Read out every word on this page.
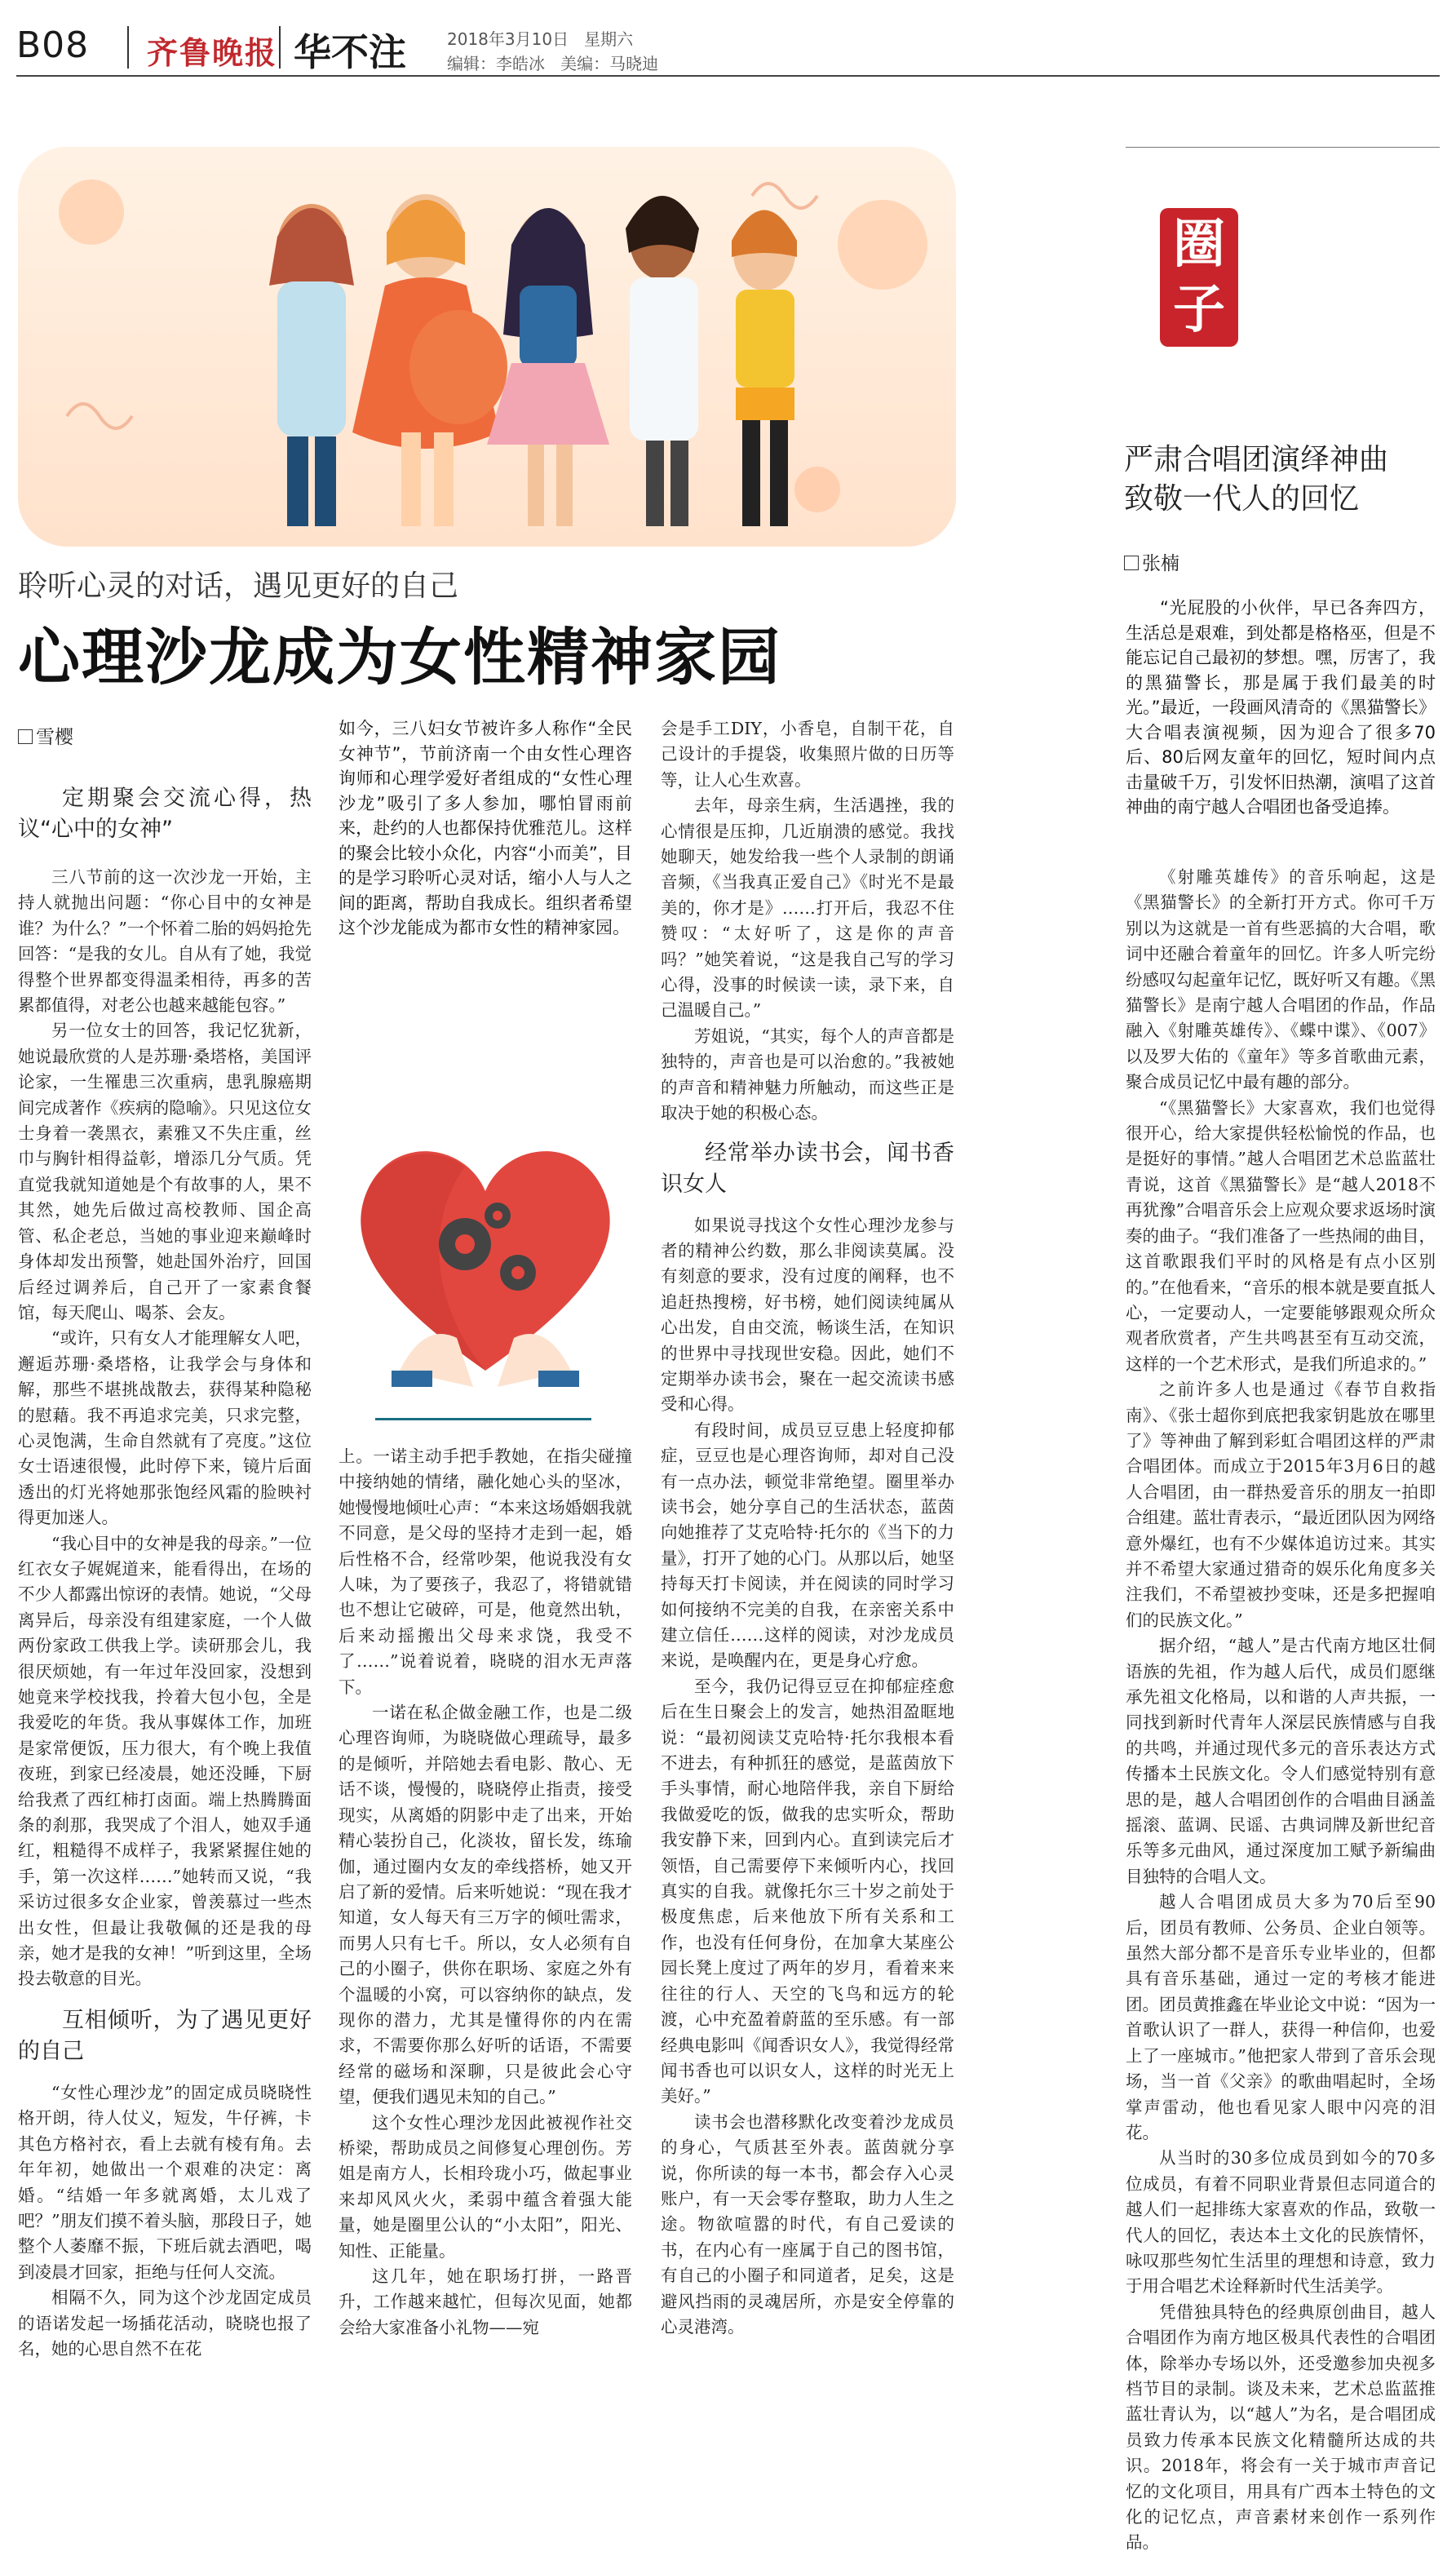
B08 齐鲁晚报 华不注	2018年3月10日 星期六
编辑：李皓冰 美编：马晓迪
聆听心灵的对话，遇见更好的自己
心理沙龙成为女性精神家园
雪樱

定期聚会交流心得，热议“心中的女神”

三八节前的这一次沙龙一开始，主持人就抛出问题：“你心目中的女神是谁？为什么？”一个怀着二胎的妈妈抢先回答：“是我的女儿。自从有了她，我觉得整个世界都变得温柔相待，再多的苦累都值得，对老公也越来越能包容。”

另一位女士的回答，我记忆犹新，她说最欣赏的人是苏珊·桑塔格，美国评论家，一生罹患三次重病，患乳腺癌期间完成著作《疾病的隐喻》。只见这位女士身着一袭黑衣，素雅又不失庄重，丝巾与胸针相得益彰，增添几分气质。凭直觉我就知道她是个有故事的人，果不其然，她先后做过高校教师、国企高管、私企老总，当她的事业迎来巅峰时身体却发出预警，她赴国外治疗，回国后经过调养后，自己开了一家素食餐馆，每天爬山、喝茶、会友。

“或许，只有女人才能理解女人吧，邂逅苏珊·桑塔格，让我学会与身体和解，那些不堪挑战散去，获得某种隐秘的慰藉。我不再追求完美，只求完整，心灵饱满，生命自然就有了亮度。”这位女士语速很慢，此时停下来，镜片后面透出的灯光将她那张饱经风霜的脸映衬得更加迷人。

“我心目中的女神是我的母亲。”一位红衣女子娓娓道来，能看得出，在场的不少人都露出惊讶的表情。她说，“父母离异后，母亲没有组建家庭，一个人做两份家政工供我上学。读研那会儿，我很厌烦她，有一年过年没回家，没想到她竟来学校找我，拎着大包小包，全是我爱吃的年货。我从事媒体工作，加班是家常便饭，压力很大，有个晚上我值夜班，到家已经凌晨，她还没睡，下厨给我煮了西红柿打卤面。端上热腾腾面条的刹那，我哭成了个泪人，她双手通红，粗糙得不成样子，我紧紧握住她的手，第一次这样……”她转而又说，“我采访过很多女企业家，曾羡慕过一些杰出女性，但最让我敬佩的还是我的母亲，她才是我的女神！”听到这里，全场投去敬意的目光。

互相倾听，为了遇见更好的自己

“女性心理沙龙”的固定成员晓晓性格开朗，待人仗义，短发，牛仔裤，卡其色方格衬衣，看上去就有棱有角。去年年初，她做出一个艰难的决定：离婚。“结婚一年多就离婚，太儿戏了吧？”朋友们摸不着头脑，那段日子，她整个人萎靡不振，下班后就去酒吧，喝到凌晨才回家，拒绝与任何人交流。

相隔不久，同为这个沙龙固定成员的语诺发起一场插花活动，晓晓也报了名，她的心思自然不在花

如今，三八妇女节被许多人称作“全民女神节”，节前济南一个由女性心理咨询师和心理学爱好者组成的“女性心理沙龙”吸引了多人参加，哪怕冒雨前来，赴约的人也都保持优雅范儿。这样的聚会比较小众化，内容“小而美”，目的是学习聆听心灵对话，缩小人与人之间的距离，帮助自我成长。组织者希望这个沙龙能成为都市女性的精神家园。

上。一诺主动手把手教她，在指尖碰撞中接纳她的情绪，融化她心头的坚冰，她慢慢地倾吐心声：“本来这场婚姻我就不同意，是父母的坚持才走到一起，婚后性格不合，经常吵架，他说我没有女人味，为了要孩子，我忍了，将错就错也不想让它破碎，可是，他竟然出轨，后来动摇搬出父母来求饶，我受不了……”说着说着，晓晓的泪水无声落下。

一诺在私企做金融工作，也是二级心理咨询师，为晓晓做心理疏导，最多的是倾听，并陪她去看电影、散心、无话不谈，慢慢的，晓晓停止指责，接受现实，从离婚的阴影中走了出来，开始精心装扮自己，化淡妆，留长发，练瑜伽，通过圈内女友的牵线搭桥，她又开启了新的爱情。后来听她说：“现在我才知道，女人每天有三万字的倾吐需求，而男人只有七千。所以，女人必须有自己的小圈子，供你在职场、家庭之外有个温暖的小窝，可以容纳你的缺点，发现你的潜力，尤其是懂得你的内在需求，不需要你那么好听的话语，不需要经常的磁场和深聊，只是彼此会心守望，便我们遇见未知的自己。”

这个女性心理沙龙因此被视作社交桥梁，帮助成员之间修复心理创伤。芳姐是南方人，长相玲珑小巧，做起事业来却风风火火，柔弱中蕴含着强大能量，她是圈里公认的“小太阳”，阳光、知性、正能量。

这几年，她在职场打拼，一路晋升，工作越来越忙，但每次见面，她都会给大家准备小礼物——宛

会是手工DIY，小香皂，自制干花，自己设计的手提袋，收集照片做的日历等等，让人心生欢喜。

去年，母亲生病，生活遇挫，我的心情很是压抑，几近崩溃的感觉。我找她聊天，她发给我一些个人录制的朗诵音频，《当我真正爱自己》《时光不是最美的，你才是》……打开后，我忍不住赞叹：“太好听了，这是你的声音吗？”她笑着说，“这是我自己写的学习心得，没事的时候读一读，录下来，自己温暖自己。”

芳姐说，“其实，每个人的声音都是独特的，声音也是可以治愈的。”我被她的声音和精神魅力所触动，而这些正是取决于她的积极心态。

经常举办读书会，闻书香识女人

如果说寻找这个女性心理沙龙参与者的精神公约数，那么非阅读莫属。没有刻意的要求，没有过度的阐释，也不追赶热搜榜，好书榜，她们阅读纯属从心出发，自由交流，畅谈生活，在知识的世界中寻找现世安稳。因此，她们不定期举办读书会，聚在一起交流读书感受和心得。

有段时间，成员豆豆患上轻度抑郁症，豆豆也是心理咨询师，却对自己没有一点办法，顿觉非常绝望。圈里举办读书会，她分享自己的生活状态，蓝茵向她推荐了艾克哈特·托尔的《当下的力量》，打开了她的心门。从那以后，她坚持每天打卡阅读，并在阅读的同时学习如何接纳不完美的自我，在亲密关系中建立信任……这样的阅读，对沙龙成员来说，是唤醒内在，更是身心疗愈。

至今，我仍记得豆豆在抑郁症痊愈后在生日聚会上的发言，她热泪盈眶地说：“最初阅读艾克哈特·托尔我根本看不进去，有种抓狂的感觉，是蓝茵放下手头事情，耐心地陪伴我，亲自下厨给我做爱吃的饭，做我的忠实听众，帮助我安静下来，回到内心。直到读完后才领悟，自己需要停下来倾听内心，找回真实的自我。就像托尔三十岁之前处于极度焦虑，后来他放下所有关系和工作，也没有任何身份，在加拿大某座公园长凳上度过了两年的岁月，看着来来往往的行人、天空的飞鸟和远方的轮渡，心中充盈着蔚蓝的至乐感。有一部经典电影叫《闻香识女人》，我觉得经常闻书香也可以识女人，这样的时光无上美好。”

读书会也潜移默化改变着沙龙成员的身心，气质甚至外表。蓝茵就分享说，你所读的每一本书，都会存入心灵账户，有一天会零存整取，助力人生之途。物欲喧嚣的时代，有自己爱读的书，在内心有一座属于自己的图书馆，有自己的小圈子和同道者，足矣，这是避风挡雨的灵魂居所，亦是安全停靠的心灵港湾。

圈
子
严肃合唱团演绎神曲
致敬一代人的回忆
张楠

“光屁股的小伙伴，早已各奔四方，生活总是艰难，到处都是格格巫，但是不能忘记自己最初的梦想。嘿，厉害了，我的黑猫警长，那是属于我们最美的时光。”最近，一段画风清奇的《黑猫警长》大合唱表演视频，因为迎合了很多70后、80后网友童年的回忆，短时间内点击量破千万，引发怀旧热潮，演唱了这首神曲的南宁越人合唱团也备受追捧。

《射雕英雄传》的音乐响起，这是《黑猫警长》的全新打开方式。你可千万别以为这就是一首有些恶搞的大合唱，歌词中还融合着童年的回忆。许多人听完纷纷感叹勾起童年记忆，既好听又有趣。《黑猫警长》是南宁越人合唱团的作品，作品融入《射雕英雄传》、《蝶中谍》、《007》以及罗大佑的《童年》等多首歌曲元素，聚合成员记忆中最有趣的部分。

“《黑猫警长》大家喜欢，我们也觉得很开心，给大家提供轻松愉悦的作品，也是挺好的事情。”越人合唱团艺术总监蓝壮青说，这首《黑猫警长》是“越人2018不再犹豫”合唱音乐会上应观众要求返场时演奏的曲子。“我们准备了一些热闹的曲目，这首歌跟我们平时的风格是有点小区别的。”在他看来，“音乐的根本就是要直抵人心，一定要动人，一定要能够跟观众所众观者欣赏者，产生共鸣甚至有互动交流，这样的一个艺术形式，是我们所追求的。”

之前许多人也是通过《春节自救指南》、《张士超你到底把我家钥匙放在哪里了》等神曲了解到彩虹合唱团这样的严肃合唱团体。而成立于2015年3月6日的越人合唱团，由一群热爱音乐的朋友一拍即合组建。蓝壮青表示，“最近团队因为网络意外爆红，也有不少媒体追访过来。其实并不希望大家通过猎奇的娱乐化角度多关注我们，不希望被抄变味，还是多把握咱们的民族文化。”

据介绍，“越人”是古代南方地区壮侗语族的先祖，作为越人后代，成员们愿继承先祖文化格局，以和谐的人声共振，一同找到新时代青年人深层民族情感与自我的共鸣，并通过现代多元的音乐表达方式传播本土民族文化。令人们感觉特别有意思的是，越人合唱团创作的合唱曲目涵盖摇滚、蓝调、民谣、古典词牌及新世纪音乐等多元曲风，通过深度加工赋予新编曲目独特的合唱人文。

越人合唱团成员大多为70后至90后，团员有教师、公务员、企业白领等。虽然大部分都不是音乐专业毕业的，但都具有音乐基础，通过一定的考核才能进团。团员黄推鑫在毕业论文中说：“因为一首歌认识了一群人，获得一种信仰，也爱上了一座城市。”他把家人带到了音乐会现场，当一首《父亲》的歌曲唱起时，全场掌声雷动，他也看见家人眼中闪亮的泪花。

从当时的30多位成员到如今的70多位成员，有着不同职业背景但志同道合的越人们一起排练大家喜欢的作品，致敬一代人的回忆，表达本土文化的民族情怀，咏叹那些匆忙生活里的理想和诗意，致力于用合唱艺术诠释新时代生活美学。

凭借独具特色的经典原创曲目，越人合唱团作为南方地区极具代表性的合唱团体，除举办专场以外，还受邀参加央视多档节目的录制。谈及未来，艺术总监蓝推蓝壮青认为，以“越人”为名，是合唱团成员致力传承本民族文化精髓所达成的共识。2018年，将会有一关于城市声音记忆的文化项目，用具有广西本土特色的文化的记忆点，声音素材来创作一系列作品。
